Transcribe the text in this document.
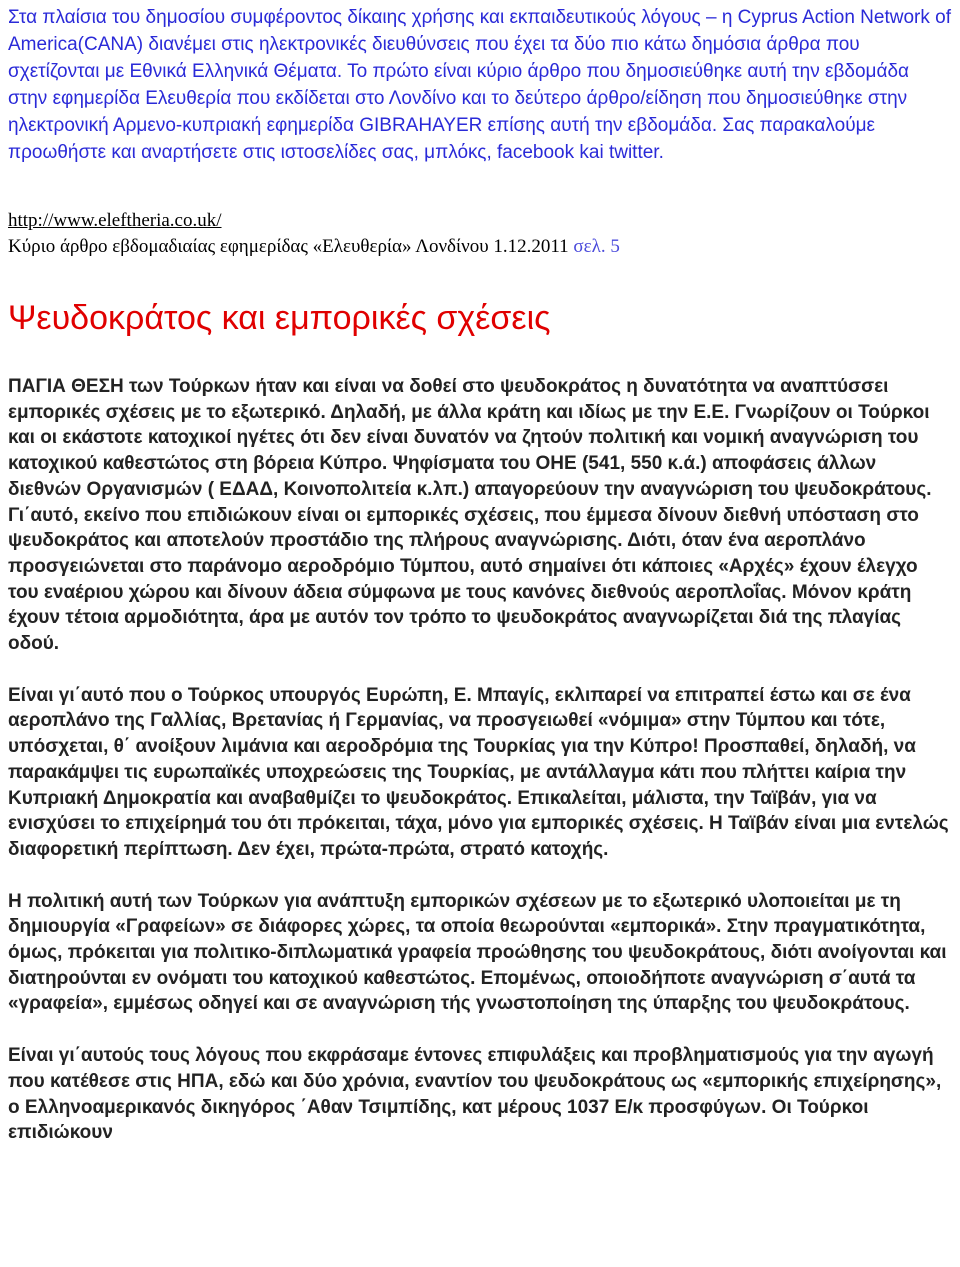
Στα πλαίσια του δημοσίου συμφέροντος δίκαιης χρήσης και εκπαιδευτικούς λόγους – η Cyprus Action Network of America(CANA) διανέμει στις ηλεκτρονικές διευθύνσεις που έχει τα δύο πιο κάτω δημόσια άρθρα που σχετίζονται με Εθνικά Ελληνικά Θέματα. Το πρώτο είναι κύριο άρθρο που δημοσιεύθηκε αυτή την εβδομάδα στην εφημερίδα Ελευθερία που εκδίδεται στο Λονδίνο και το δεύτερο άρθρο/είδηση που δημοσιεύθηκε στην ηλεκτρονική Αρμενο-κυπριακή εφημερίδα GIBRAHAYER επίσης αυτή την εβδομάδα. Σας παρακαλούμε προωθήστε και αναρτήσετε στις ιστοσελίδες σας, μπλόκς, facebook kai twitter.

http://www.eleftheria.co.uk/
Κύριο άρθρο εβδομαδιαίας εφημερίδας «Ελευθερία» Λονδίνου 1.12.2011 σελ. 5
Ψευδοκράτος και εμπορικές σχέσεις

ΠΑΓΙΑ ΘΕΣΗ των Τούρκων ήταν και είναι να δοθεί στο ψευδοκράτος η δυνατότητα να αναπτύσσει εμπορικές σχέσεις με το εξωτερικό. Δηλαδή, με άλλα κράτη και ιδίως με την Ε.Ε. Γνωρίζουν οι Τούρκοι και οι εκάστοτε κατοχικοί ηγέτες ότι δεν είναι δυνατόν να ζητούν πολιτική και νομική αναγνώριση του κατοχικού καθεστώτος στη βόρεια Κύπρο. Ψηφίσματα του ΟΗΕ (541, 550 κ.ά.) αποφάσεις άλλων διεθνών Οργανισμών ( ΕΔΑΔ, Κοινοπολιτεία κ.λπ.) απαγορεύουν την αναγνώριση του ψευδοκράτους. Γι΄αυτό, εκείνο που επιδιώκουν είναι οι εμπορικές σχέσεις, που έμμεσα δίνουν διεθνή υπόσταση στο ψευδοκράτος και αποτελούν προστάδιο της πλήρους αναγνώρισης. Διότι, όταν ένα αεροπλάνο προσγειώνεται στο παράνομο αεροδρόμιο Τύμπου, αυτό σημαίνει ότι κάποιες «Αρχές» έχουν έλεγχο του εναέριου χώρου και δίνουν άδεια σύμφωνα με τους κανόνες διεθνούς αεροπλοΐας. Μόνον κράτη έχουν τέτοια αρμοδιότητα, άρα με αυτόν τον τρόπο το ψευδοκράτος αναγνωρίζεται διά της πλαγίας οδού.

Είναι γι΄αυτό που ο Τούρκος υπουργός Ευρώπη, Ε. Μπαγίς, εκλιπαρεί να επιτραπεί έστω και σε ένα αεροπλάνο της Γαλλίας, Βρετανίας ή Γερμανίας, να προσγειωθεί «νόμιμα» στην Τύμπου και τότε, υπόσχεται, θ΄ ανοίξουν λιμάνια και αεροδρόμια της Τουρκίας για την Κύπρο! Προσπαθεί, δηλαδή, να παρακάμψει τις ευρωπαϊκές υποχρεώσεις της Τουρκίας, με αντάλλαγμα κάτι που πλήττει καίρια την Κυπριακή Δημοκρατία και αναβαθμίζει το ψευδοκράτος. Επικαλείται, μάλιστα, την Ταϊβάν, για να ενισχύσει το επιχείρημά του ότι πρόκειται, τάχα, μόνο για εμπορικές σχέσεις. Η Ταϊβάν είναι μια εντελώς διαφορετική περίπτωση. Δεν έχει, πρώτα-πρώτα, στρατό κατοχής.

Η πολιτική αυτή των Τούρκων για ανάπτυξη εμπορικών σχέσεων με το εξωτερικό υλοποιείται με τη δημιουργία «Γραφείων» σε διάφορες χώρες, τα οποία θεωρούνται «εμπορικά». Στην πραγματικότητα, όμως, πρόκειται για πολιτικο-διπλωματικά γραφεία προώθησης του ψευδοκράτους, διότι ανοίγονται και διατηρούνται εν ονόματι του κατοχικού καθεστώτος. Επομένως, οποιοδήποτε αναγνώριση σ΄αυτά τα «γραφεία», εμμέσως οδηγεί και σε αναγνώριση τής γνωστοποίηση της ύπαρξης του ψευδοκράτους.

Είναι γι΄αυτούς τους λόγους που εκφράσαμε έντονες επιφυλάξεις και προβληματισμούς για την αγωγή που κατέθεσε στις ΗΠΑ, εδώ και δύο χρόνια, εναντίον του ψευδοκράτους ως «εμπορικής επιχείρησης», ο Ελληνοαμερικανός δικηγόρος ΄Αθαν Τσιμπίδης, κατ μέρους 1037 Ε/κ προσφύγων. Οι Τούρκοι επιδιώκουν
